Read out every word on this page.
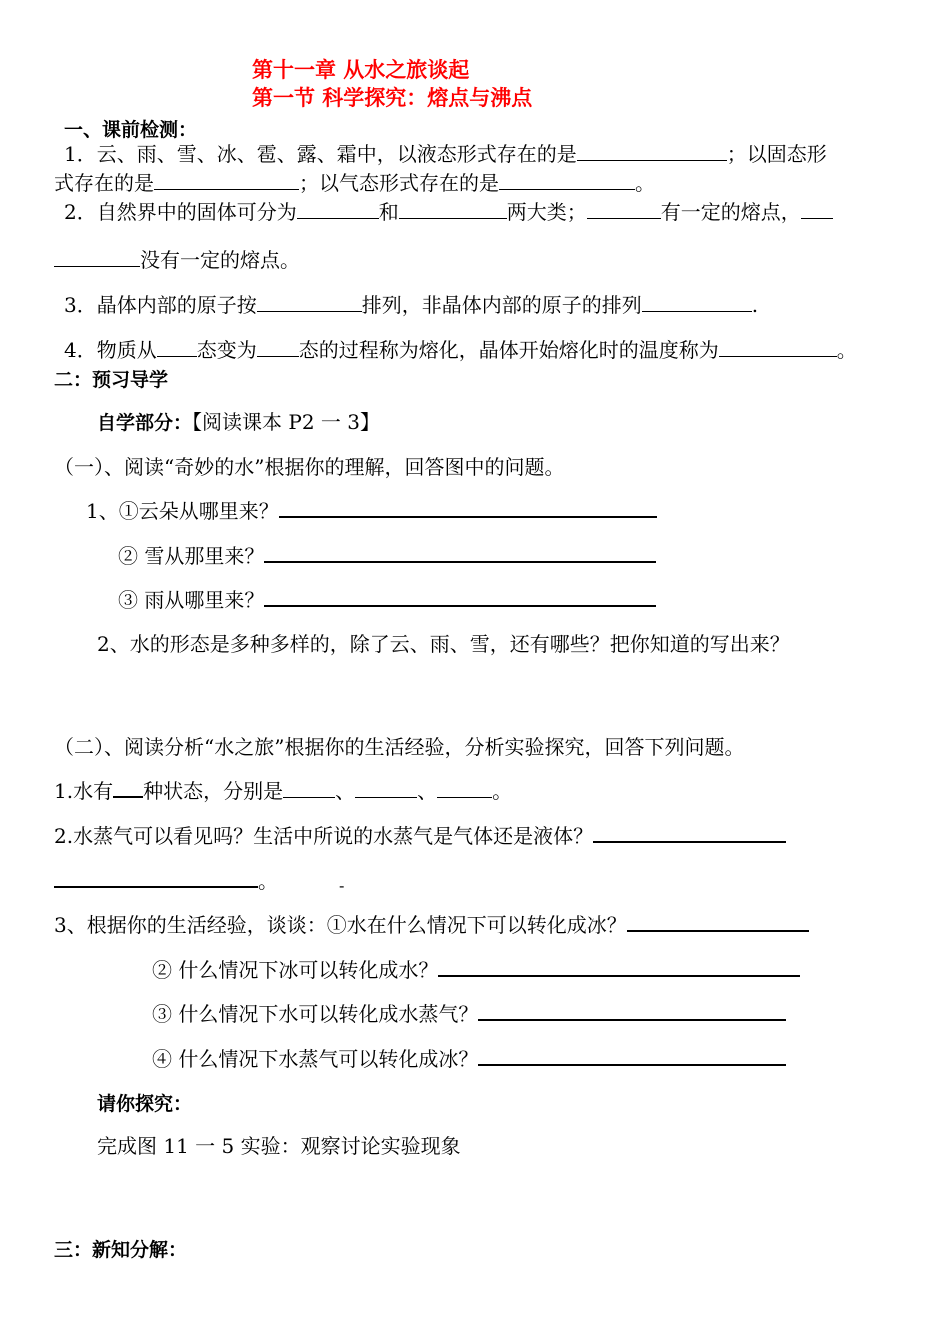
第十一章 从水之旅谈起
第一节 科学探究：熔点与沸点
一、课前检测：
1．云、雨、雪、冰、雹、露、霜中，以液态形式存在的是	；以固态形
式存在的是	；以气态形式存在的是	。
2．自然界中的固体可分为	和	两大类；	有一定的熔点，
没有一定的熔点。
3．晶体内部的原子按	排列，非晶体内部的原子的排列	.
4．物质从 态变为 态的过程称为熔化，晶体开始熔化时的温度称为	。
二：预习导学
自学部分：【阅读课本 P2 一 3】
（一）、阅读“奇妙的水”根据你的理解，回答图中的问题。
1、①云朵从哪里来？
② 雪从那里来？
③ 雨从哪里来？
2、水的形态是多种多样的，除了云、雨、雪，还有哪些？把你知道的写出来？
（二）、阅读分析“水之旅”根据你的生活经验，分析实验探究，回答下列问题。
1.水有 种状态，分别是	、	、	。
2.水蒸气可以看见吗？生活中所说的水蒸气是气体还是液体？
。	-
3、根据你的生活经验，谈谈：①水在什么情况下可以转化成冰？
② 什么情况下冰可以转化成水？
③ 什么情况下水可以转化成水蒸气？
④ 什么情况下水蒸气可以转化成冰？
请你探究：
完成图 11 一 5 实验：观察讨论实验现象
三：新知分解：
